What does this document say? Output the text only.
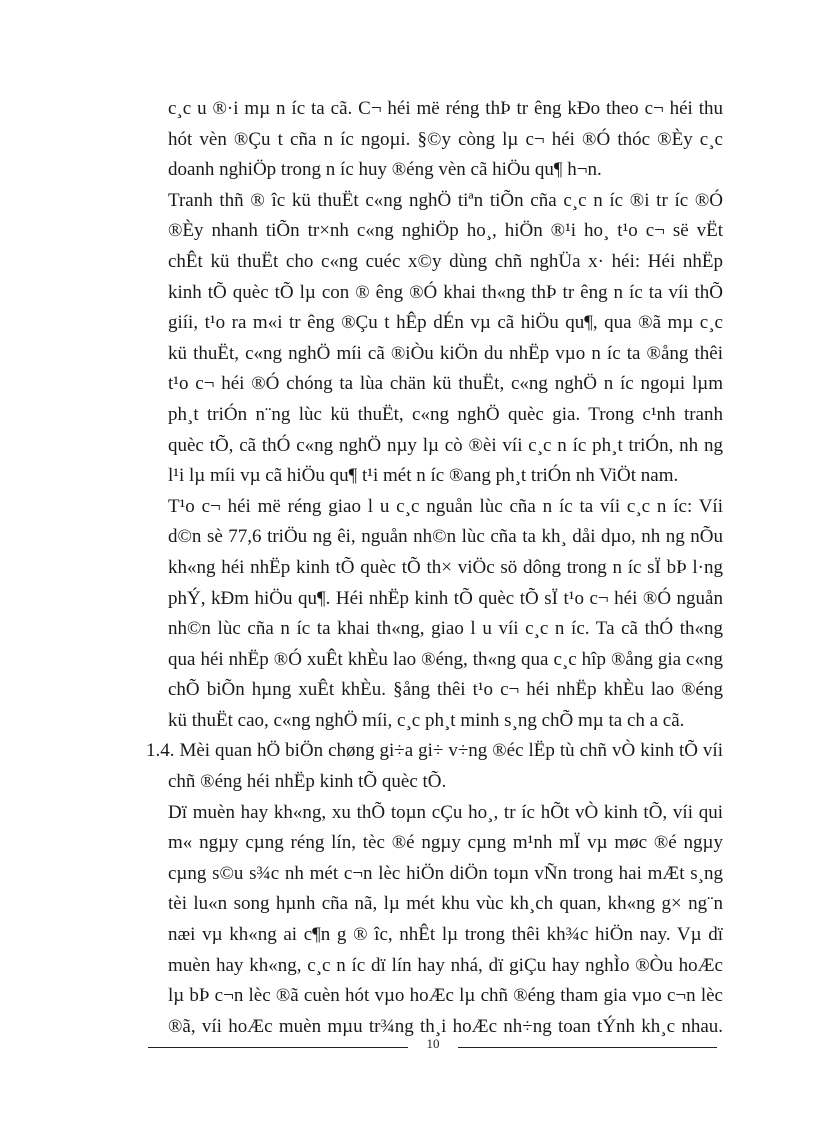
c¸c u ®·i mµ n íc ta cã. C¬ héi më réng thÞ tr êng kÐo theo c¬ héi thu
hót vèn ®Çu t cña n íc ngoµi. §©y còng lµ c¬ héi ®Ó thóc ®Èy c¸c
doanh nghiÖp trong n íc huy ®éng vèn cã hiÖu qu¶ h¬n.
Tranh thñ ® îc kü thuËt c«ng nghÖ tiªn tiÕn cña c¸c n íc ®i tr íc ®Ó
®Èy nhanh tiÕn tr×nh c«ng nghiÖp ho¸, hiÖn ®¹i ho¸ t¹o c¬ së vËt
chÊt kü thuËt cho c«ng cuéc x©y dùng chñ nghÜa x· héi: Héi nhËp
kinh tÕ quèc tÕ lµ con ® êng ®Ó khai th«ng thÞ tr êng n íc ta víi thÕ
giíi, t¹o ra m«i tr êng ®Çu t hÊp dÉn vµ cã hiÖu qu¶, qua ®ã mµ c¸c
kü thuËt, c«ng nghÖ míi cã ®iÒu kiÖn du nhËp vµo n íc ta ®ång thêi
t¹o c¬ héi ®Ó chóng ta lùa chän kü thuËt, c«ng nghÖ n íc ngoµi lµm
ph¸t triÓn n¨ng lùc kü thuËt, c«ng nghÖ quèc gia. Trong c¹nh tranh
quèc tÕ, cã thÓ c«ng nghÖ nµy lµ cò ®èi víi c¸c n íc ph¸t triÓn, nh ng
l¹i lµ míi vµ cã hiÖu qu¶ t¹i mét n íc ®ang ph¸t triÓn nh ViÖt nam.
T¹o c¬ héi më réng giao l u c¸c nguån lùc cña n íc ta víi c¸c n íc: Víi
d©n sè 77,6 triÖu ng êi, nguån nh©n lùc cña ta kh¸ dåi dµo, nh ng nÕu
kh«ng héi nhËp kinh tÕ quèc tÕ th× viÖc sö dông trong n íc sÏ bÞ l·ng
phÝ, kÐm hiÖu qu¶. Héi nhËp kinh tÕ quèc tÕ sÏ t¹o c¬ héi ®Ó nguån
nh©n lùc cña n íc ta khai th«ng, giao l u víi c¸c n íc. Ta cã thÓ th«ng
qua héi nhËp ®Ó xuÊt khÈu lao ®éng, th«ng qua c¸c hîp ®ång gia c«ng
chÕ biÕn hµng xuÊt khÈu. §ång thêi t¹o c¬ héi nhËp khÈu lao ®éng
kü thuËt cao, c«ng nghÖ míi, c¸c ph¸t minh s¸ng chÕ mµ ta ch a cã.
1.4. Mèi quan hÖ biÖn chøng gi÷a gi÷ v÷ng ®éc lËp tù chñ vÒ kinh tÕ víi
chñ ®éng héi nhËp kinh tÕ quèc tÕ.
Dï muèn hay kh«ng, xu thÕ toµn cÇu ho¸, tr íc hÕt vÒ kinh tÕ, víi qui
m« ngµy cµng réng lín, tèc ®é ngµy cµng m¹nh mÏ vµ møc ®é ngµy
cµng s©u s¾c nh mét c¬n lèc hiÖn diÖn toµn vÑn trong hai mÆt s¸ng
tèi lu«n song hµnh cña nã, lµ mét khu vùc kh¸ch quan, kh«ng g× ng¨n
næi vµ kh«ng ai c¶n g ® îc, nhÊt lµ trong thêi kh¾c hiÖn nay. Vµ dï
muèn hay kh«ng, c¸c n íc dï lín hay nhá, dï giÇu hay nghÌo ®Òu hoÆc
lµ bÞ c¬n lèc ®ã cuèn hót vµo hoÆc lµ chñ ®éng tham gia vµo c¬n lèc
®ã, víi hoÆc muèn mµu tr¾ng th¸i hoÆc nh÷ng toan tÝnh kh¸c nhau.
10
